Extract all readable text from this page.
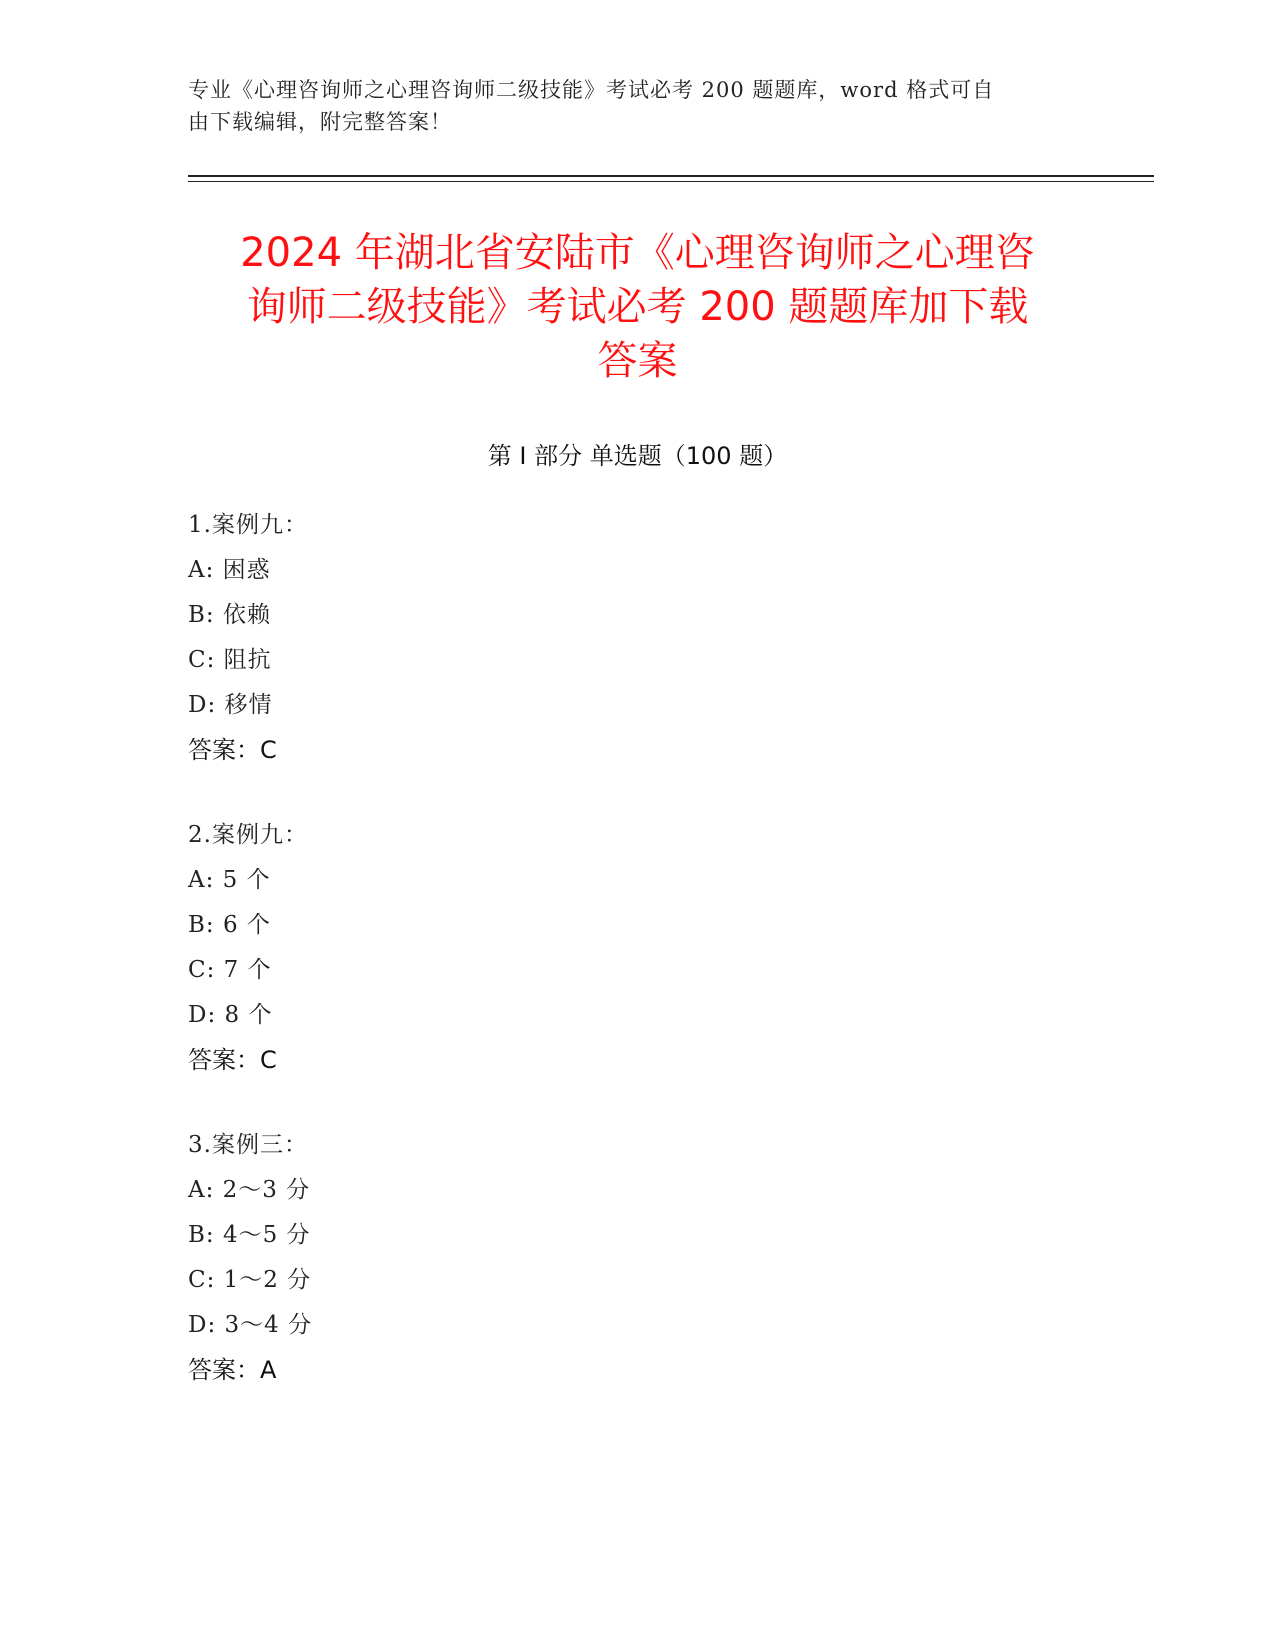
专业《心理咨询师之心理咨询师二级技能》考试必考 200 题题库，word 格式可自
由下载编辑，附完整答案！
2024 年湖北省安陆市《心理咨询师之心理咨
询师二级技能》考试必考 200 题题库加下载
答案
第 I 部分 单选题（100 题）
1.案例九：
A: 困惑
B: 依赖
C: 阻抗
D: 移情
答案：C
2.案例九：
A: 5 个
B: 6 个
C: 7 个
D: 8 个
答案：C
3.案例三：
A: 2～3 分
B: 4～5 分
C: 1～2 分
D: 3～4 分
答案：A
